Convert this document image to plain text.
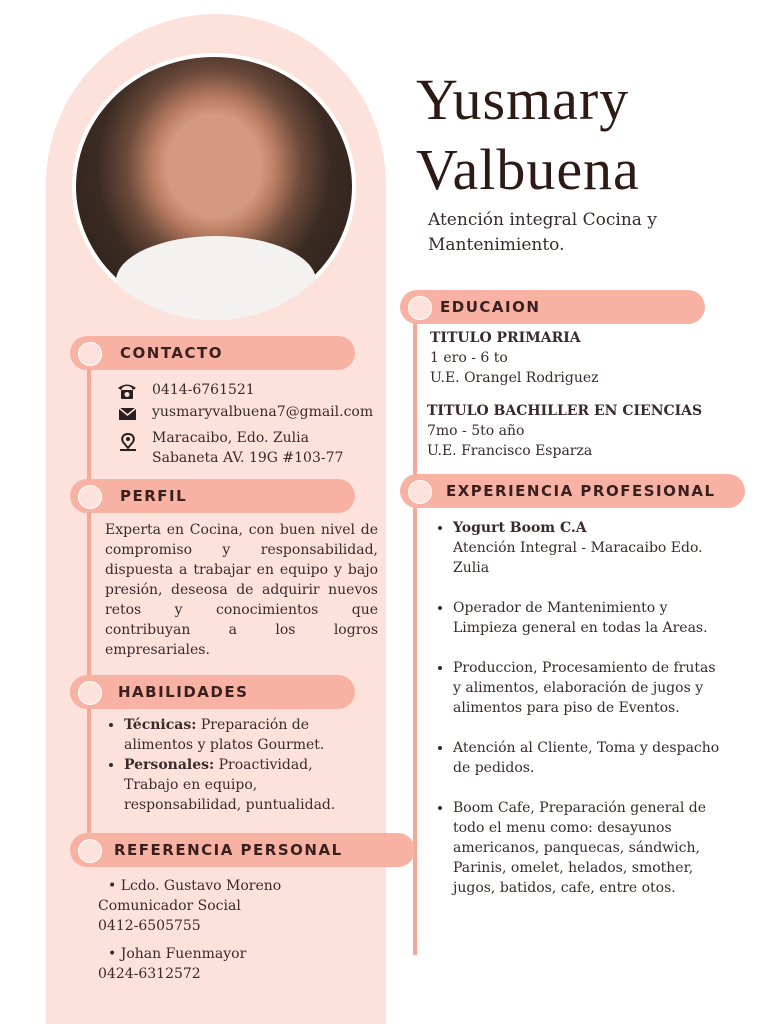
Yusmary
Valbuena
Atención integral Cocina y Mantenimiento.
CONTACTO
0414-6761521
yusmaryvalbuena7@gmail.com
Maracaibo, Edo. Zulia
Sabaneta AV. 19G #103-77
PERFIL
Experta en Cocina, con buen nivel de compromiso y responsabilidad, dispuesta a trabajar en equipo y bajo presión, deseosa de adquirir nuevos retos y conocimientos que contribuyan a los logros empresariales.
HABILIDADES
• Técnicas: Preparación de alimentos y platos Gourmet.
• Personales: Proactividad, Trabajo en equipo, responsabilidad, puntualidad.
REFERENCIA PERSONAL
• Lcdo. Gustavo Moreno
Comunicador Social
0412-6505755
• Johan Fuenmayor
0424-6312572
EDUCAION
TITULO PRIMARIA
1 ero - 6 to
U.E. Orangel Rodriguez
TITULO BACHILLER EN CIENCIAS
7mo - 5to año
U.E. Francisco Esparza
EXPERIENCIA PROFESIONAL
• Yogurt Boom C.A
Atención Integral - Maracaibo Edo. Zulia
• Operador de Mantenimiento y Limpieza general en todas la Areas.
• Produccion, Procesamiento de frutas y alimentos, elaboración de jugos y alimentos para piso de Eventos.
• Atención al Cliente, Toma y despacho de pedidos.
• Boom Cafe, Preparación general de todo el menu como: desayunos americanos, panquecas, sándwich, Parinis, omelet, helados, smother, jugos, batidos, cafe, entre otos.
